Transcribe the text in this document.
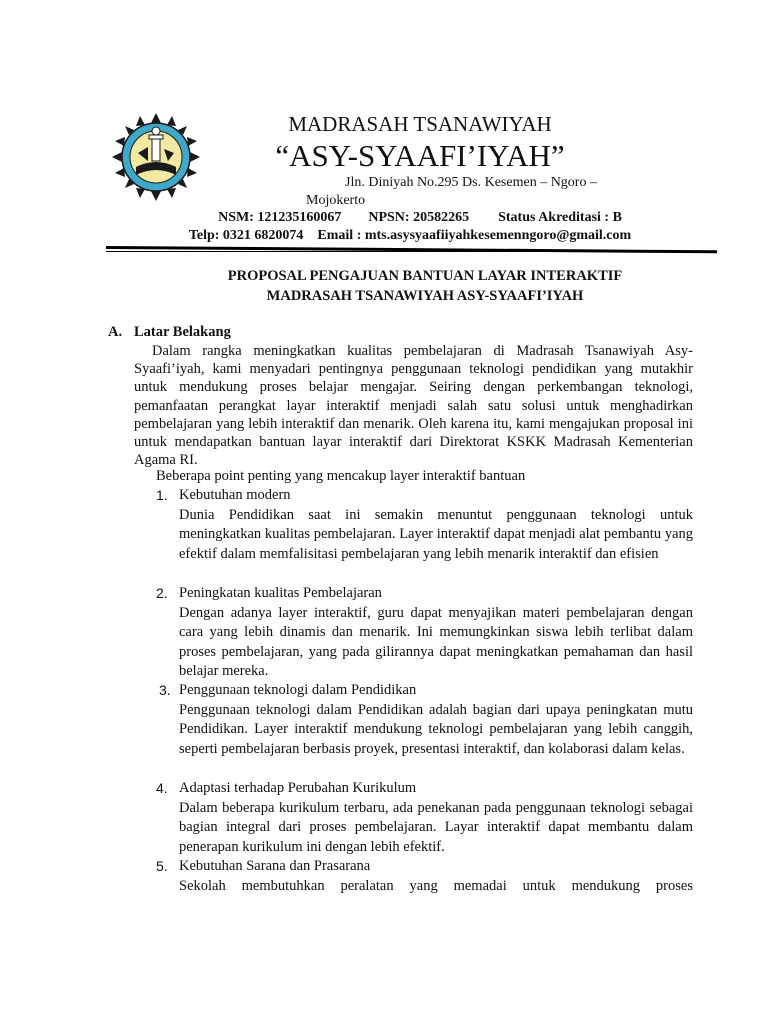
MADRASAH TSANAWIYAH
“ASY-SYAAFI’IYAH”
Jln. Diniyah No.295 Ds. Kesemen – Ngoro –
Mojokerto
NSM: 121235160067 NPSN: 20582265 Status Akreditasi : B
Telp: 0321 6820074    Email : mts.asysyaafiiyahkesemenngoro@gmail.com
PROPOSAL PENGAJUAN BANTUAN LAYAR INTERAKTIF
MADRASAH TSANAWIYAH ASY-SYAAFI’IYAH
A. Latar Belakang

Dalam rangka meningkatkan kualitas pembelajaran di Madrasah Tsanawiyah Asy-Syaafi’iyah, kami menyadari pentingnya penggunaan teknologi pendidikan yang mutakhir untuk mendukung proses belajar mengajar. Seiring dengan perkembangan teknologi, pemanfaatan perangkat layar interaktif menjadi salah satu solusi untuk menghadirkan pembelajaran yang lebih interaktif dan menarik. Oleh karena itu, kami mengajukan proposal ini untuk mendapatkan bantuan layar interaktif dari Direktorat KSKK Madrasah Kementerian Agama RI.

Beberapa point penting yang mencakup layer interaktif bantuan
1. Kebutuhan modern
Dunia Pendidikan saat ini semakin menuntut penggunaan teknologi untuk meningkatkan kualitas pembelajaran. Layer interaktif dapat menjadi alat pembantu yang efektif dalam memfalisitasi pembelajaran yang lebih menarik interaktif dan efisien
2. Peningkatan kualitas Pembelajaran
Dengan adanya layer interaktif, guru dapat menyajikan materi pembelajaran dengan cara yang lebih dinamis dan menarik. Ini memungkinkan siswa lebih terlibat dalam proses pembelajaran, yang pada gilirannya dapat meningkatkan pemahaman dan hasil belajar mereka.
3. Penggunaan teknologi dalam Pendidikan
Penggunaan teknologi dalam Pendidikan adalah bagian dari upaya peningkatan mutu Pendidikan. Layer interaktif mendukung teknologi pembelajaran yang lebih canggih, seperti pembelajaran berbasis proyek, presentasi interaktif, dan kolaborasi dalam kelas.
4. Adaptasi terhadap Perubahan Kurikulum
Dalam beberapa kurikulum terbaru, ada penekanan pada penggunaan teknologi sebagai bagian integral dari proses pembelajaran. Layar interaktif dapat membantu dalam penerapan kurikulum ini dengan lebih efektif.
5. Kebutuhan Sarana dan Prasarana
Sekolah membutuhkan peralatan yang memadai untuk mendukung proses
